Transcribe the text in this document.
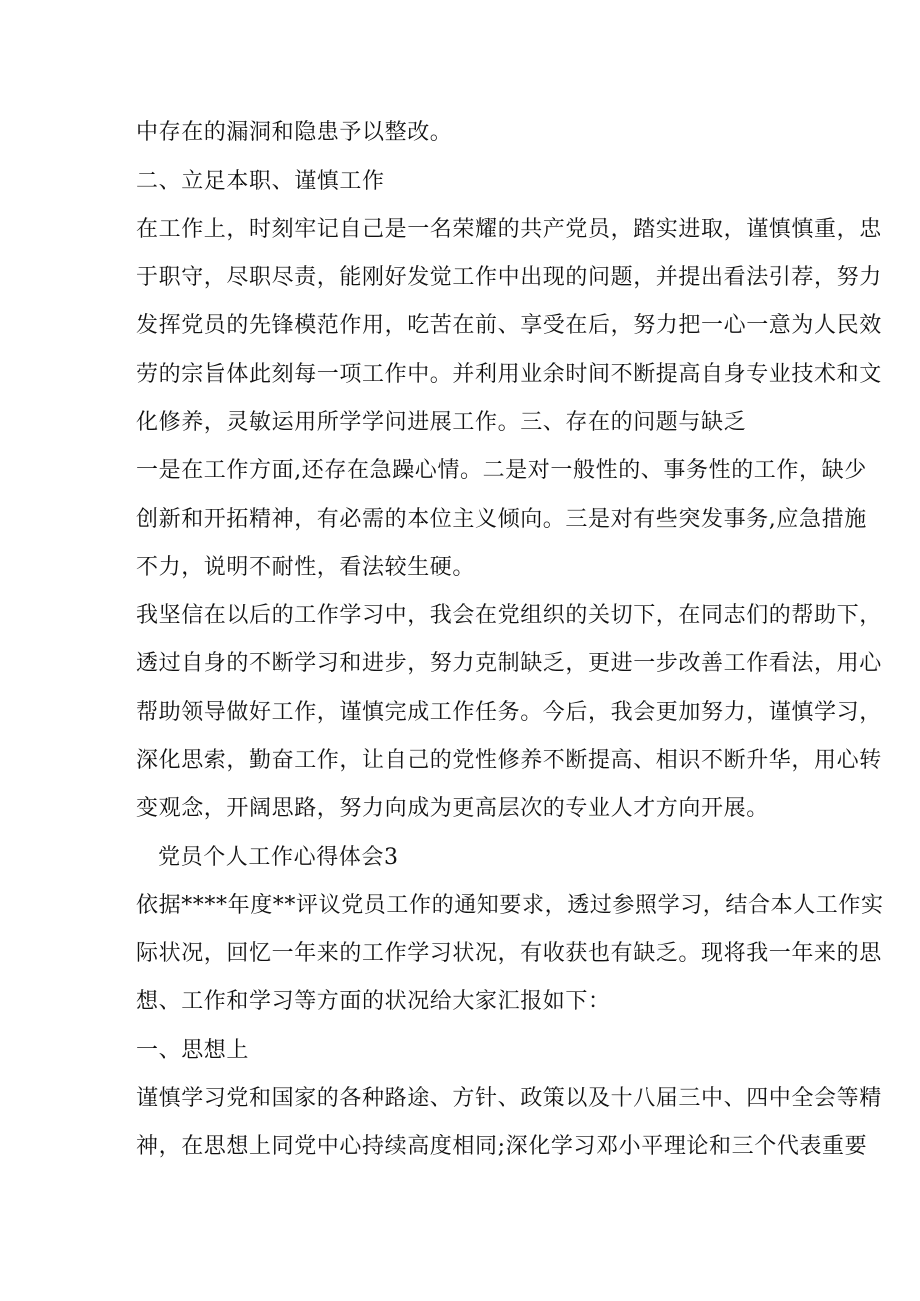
中存在的漏洞和隐患予以整改。
二、立足本职、谨慎工作
在工作上，时刻牢记自己是一名荣耀的共产党员，踏实进取，谨慎慎重，忠
于职守，尽职尽责，能刚好发觉工作中出现的问题，并提出看法引荐，努力
发挥党员的先锋模范作用，吃苦在前、享受在后，努力把一心一意为人民效
劳的宗旨体此刻每一项工作中。并利用业余时间不断提高自身专业技术和文
化修养，灵敏运用所学学问进展工作。三、存在的问题与缺乏
一是在工作方面,还存在急躁心情。二是对一般性的、事务性的工作，缺少
创新和开拓精神，有必需的本位主义倾向。三是对有些突发事务,应急措施
不力，说明不耐性，看法较生硬。
我坚信在以后的工作学习中，我会在党组织的关切下，在同志们的帮助下，
透过自身的不断学习和进步，努力克制缺乏，更进一步改善工作看法，用心
帮助领导做好工作，谨慎完成工作任务。今后，我会更加努力，谨慎学习，
深化思索，勤奋工作，让自己的党性修养不断提高、相识不断升华，用心转
变观念，开阔思路，努力向成为更高层次的专业人才方向开展。
党员个人工作心得体会3
依据****年度**评议党员工作的通知要求，透过参照学习，结合本人工作实
际状况，回忆一年来的工作学习状况，有收获也有缺乏。现将我一年来的思
想、工作和学习等方面的状况给大家汇报如下：
一、思想上
谨慎学习党和国家的各种路途、方针、政策以及十八届三中、四中全会等精
神，在思想上同党中心持续高度相同;深化学习邓小平理论和三个代表重要
